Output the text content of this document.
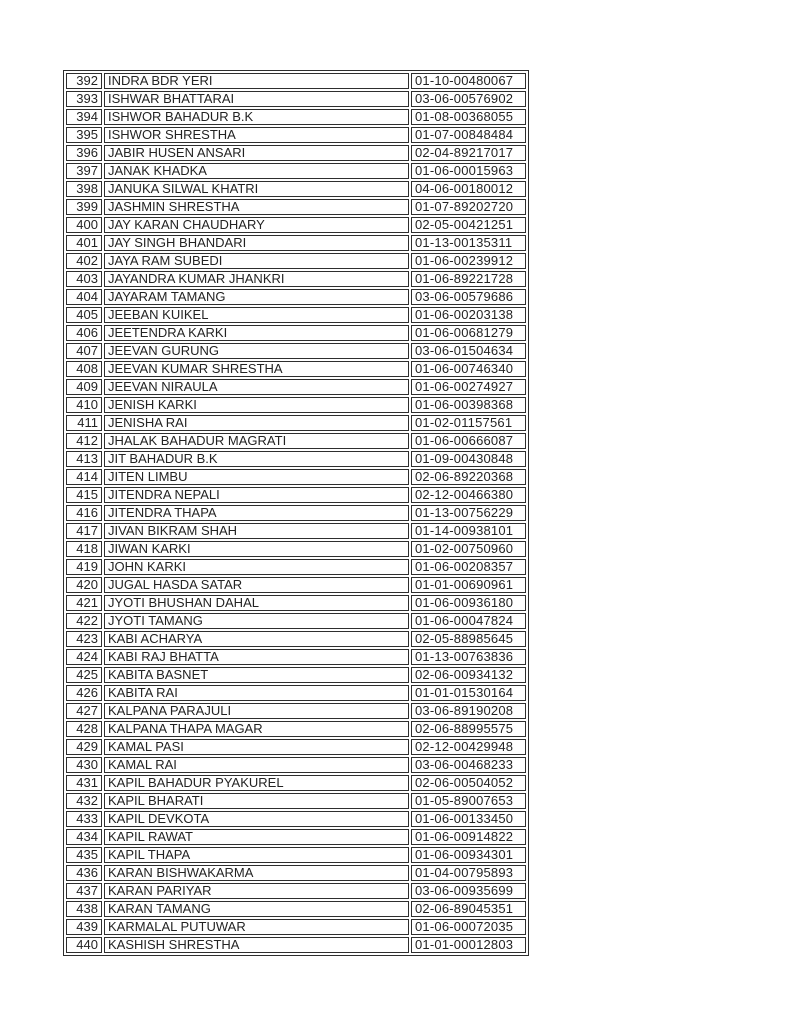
392	INDRA BDR YERI	01-10-00480067
393	ISHWAR BHATTARAI	03-06-00576902
394	ISHWOR BAHADUR B.K	01-08-00368055
395	ISHWOR SHRESTHA	01-07-00848484
396	JABIR HUSEN ANSARI	02-04-89217017
397	JANAK KHADKA	01-06-00015963
398	JANUKA SILWAL KHATRI	04-06-00180012
399	JASHMIN SHRESTHA	01-07-89202720
400	JAY KARAN CHAUDHARY	02-05-00421251
401	JAY SINGH BHANDARI	01-13-00135311
402	JAYA RAM SUBEDI	01-06-00239912
403	JAYANDRA KUMAR JHANKRI	01-06-89221728
404	JAYARAM TAMANG	03-06-00579686
405	JEEBAN KUIKEL	01-06-00203138
406	JEETENDRA KARKI	01-06-00681279
407	JEEVAN GURUNG	03-06-01504634
408	JEEVAN KUMAR SHRESTHA	01-06-00746340
409	JEEVAN NIRAULA	01-06-00274927
410	JENISH KARKI	01-06-00398368
411	JENISHA RAI	01-02-01157561
412	JHALAK BAHADUR MAGRATI	01-06-00666087
413	JIT BAHADUR B.K	01-09-00430848
414	JITEN LIMBU	02-06-89220368
415	JITENDRA NEPALI	02-12-00466380
416	JITENDRA THAPA	01-13-00756229
417	JIVAN BIKRAM SHAH	01-14-00938101
418	JIWAN KARKI	01-02-00750960
419	JOHN KARKI	01-06-00208357
420	JUGAL HASDA SATAR	01-01-00690961
421	JYOTI BHUSHAN DAHAL	01-06-00936180
422	JYOTI TAMANG	01-06-00047824
423	KABI ACHARYA	02-05-88985645
424	KABI RAJ BHATTA	01-13-00763836
425	KABITA BASNET	02-06-00934132
426	KABITA RAI	01-01-01530164
427	KALPANA PARAJULI	03-06-89190208
428	KALPANA THAPA MAGAR	02-06-88995575
429	KAMAL PASI	02-12-00429948
430	KAMAL RAI	03-06-00468233
431	KAPIL BAHADUR PYAKUREL	02-06-00504052
432	KAPIL BHARATI	01-05-89007653
433	KAPIL DEVKOTA	01-06-00133450
434	KAPIL RAWAT	01-06-00914822
435	KAPIL THAPA	01-06-00934301
436	KARAN BISHWAKARMA	01-04-00795893
437	KARAN PARIYAR	03-06-00935699
438	KARAN TAMANG	02-06-89045351
439	KARMALAL PUTUWAR	01-06-00072035
440	KASHISH SHRESTHA	01-01-00012803
